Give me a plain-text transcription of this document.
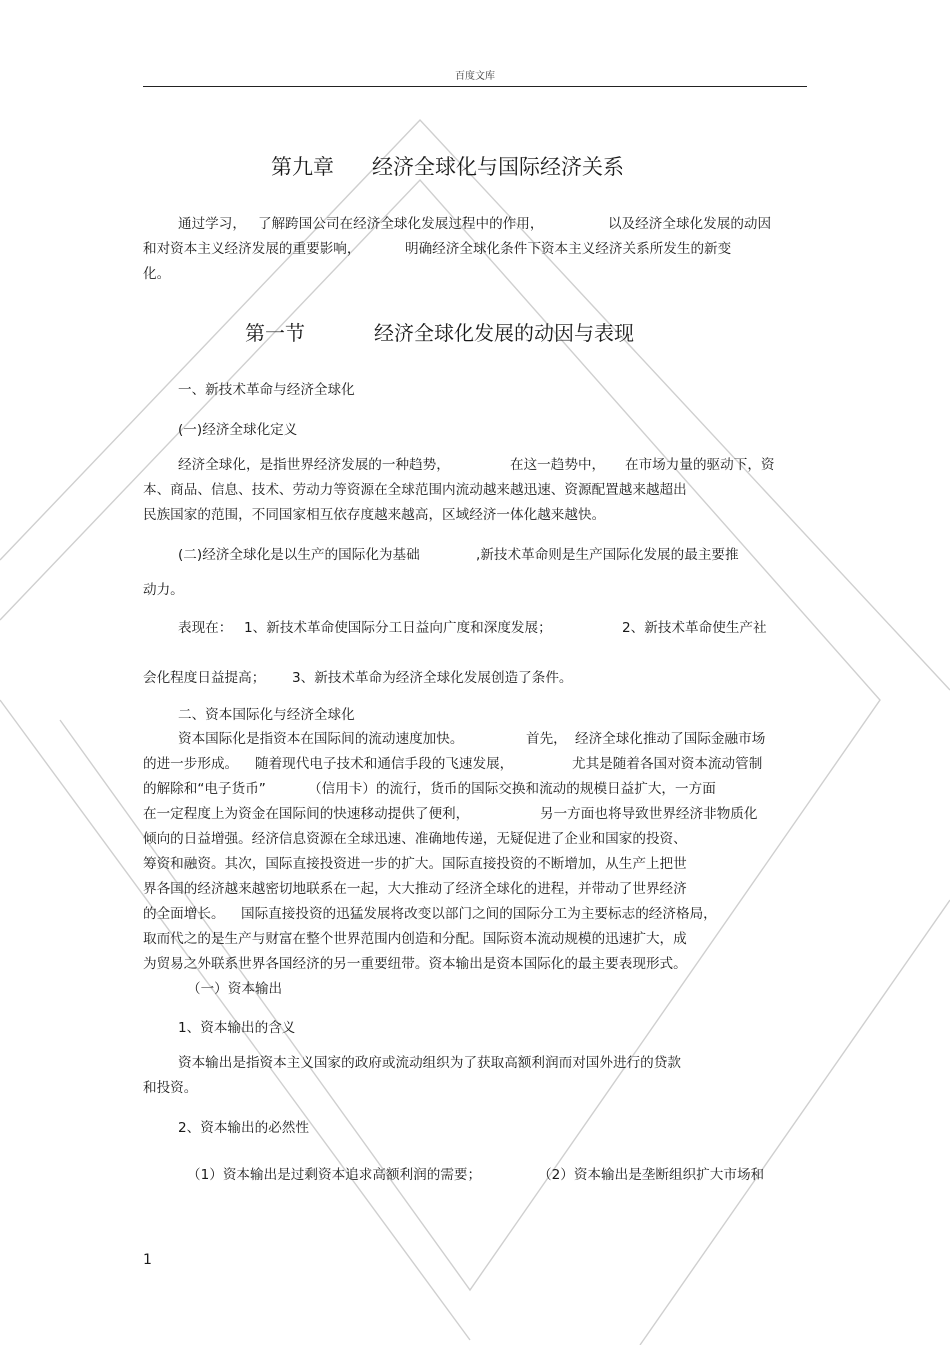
百度文库
第九章 经济全球化与国际经济关系
通过学习， 了解跨国公司在经济全球化发展过程中的作用，	以及经济全球化发展的动因
和对资本主义经济发展的重要影响，	明确经济全球化条件下资本主义经济关系所发生的新变
化。
第一节	经济全球化发展的动因与表现
一、新技术革命与经济全球化
(一)经济全球化定义
经济全球化，是指世界经济发展的一种趋势，	在这一趋势中， 在市场力量的驱动下，资
本、商品、信息、技术、劳动力等资源在全球范围内流动越来越迅速、资源配置越来越超出
民族国家的范围，不同国家相互依存度越来越高，区域经济一体化越来越快。
(二)经济全球化是以生产的国际化为基础	,新技术革命则是生产国际化发展的最主要推
动力。
表现在： 1、新技术革命使国际分工日益向广度和深度发展；	2、新技术革命使生产社
会化程度日益提高； 3、新技术革命为经济全球化发展创造了条件。
二、资本国际化与经济全球化
资本国际化是指资本在国际间的流动速度加快。	首先， 经济全球化推动了国际金融市场
的进一步形成。 随着现代电子技术和通信手段的飞速发展，	尤其是随着各国对资本流动管制
的解除和“电子货币”	（信用卡）的流行，货币的国际交换和流动的规模日益扩大，一方面
在一定程度上为资金在国际间的快速移动提供了便利，	另一方面也将导致世界经济非物质化
倾向的日益增强。经济信息资源在全球迅速、准确地传递，无疑促进了企业和国家的投资、
筹资和融资。其次，国际直接投资进一步的扩大。国际直接投资的不断增加，从生产上把世
界各国的经济越来越密切地联系在一起，大大推动了经济全球化的进程，并带动了世界经济
的全面增长。 国际直接投资的迅猛发展将改变以部门之间的国际分工为主要标志的经济格局，
取而代之的是生产与财富在整个世界范围内创造和分配。国际资本流动规模的迅速扩大，成
为贸易之外联系世界各国经济的另一重要纽带。资本输出是资本国际化的最主要表现形式。
（一）资本输出
1、资本输出的含义
资本输出是指资本主义国家的政府或流动组织为了获取高额利润而对国外进行的贷款
和投资。
2、资本输出的必然性
（1）资本输出是过剩资本追求高额利润的需要；	（2）资本输出是垄断组织扩大市场和
1
